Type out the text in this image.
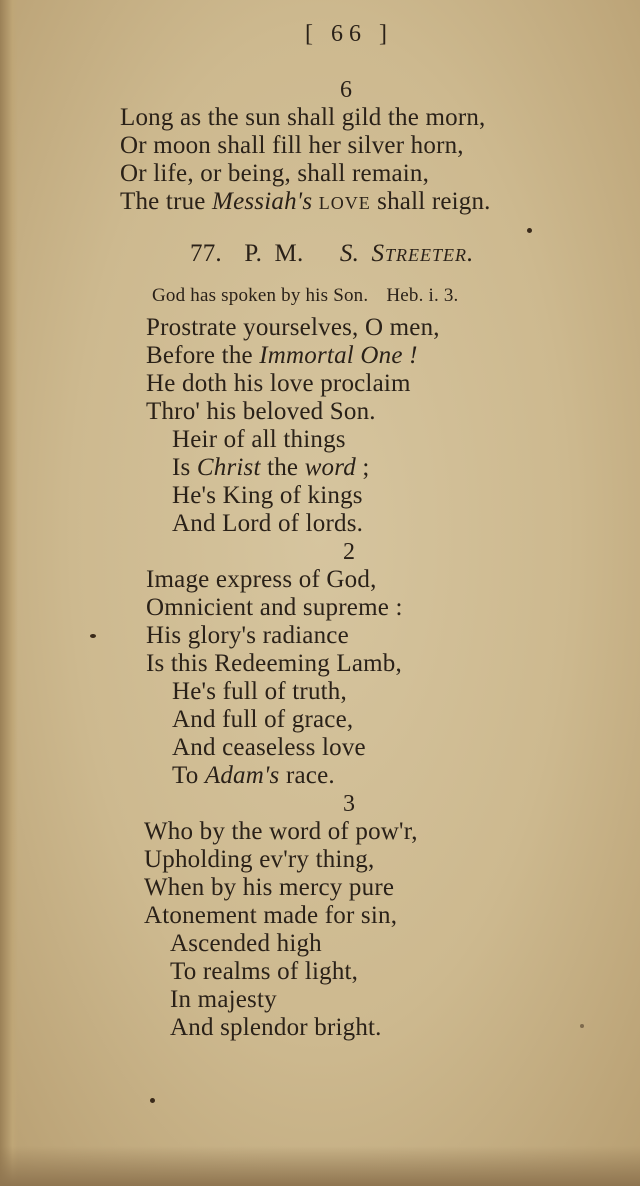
[ 66 ]
6
Long as the sun shall gild the morn,
Or moon shall fill her silver horn,
Or life, or being, shall remain,
The true Messiah's love shall reign.
77. P. M. S. Streeter.
God has spoken by his Son. Heb. i. 3.
Prostrate yourselves, O men,
Before the Immortal One !
He doth his love proclaim
Thro' his beloved Son.
Heir of all things
Is Christ the word ;
He's King of kings
And Lord of lords.
2
Image express of God,
Omnicient and supreme :
His glory's radiance
Is this Redeeming Lamb,
He's full of truth,
And full of grace,
And ceaseless love
To Adam's race.
3
Who by the word of pow'r,
Upholding ev'ry thing,
When by his mercy pure
Atonement made for sin,
Ascended high
To realms of light,
In majesty
And splendor bright.
